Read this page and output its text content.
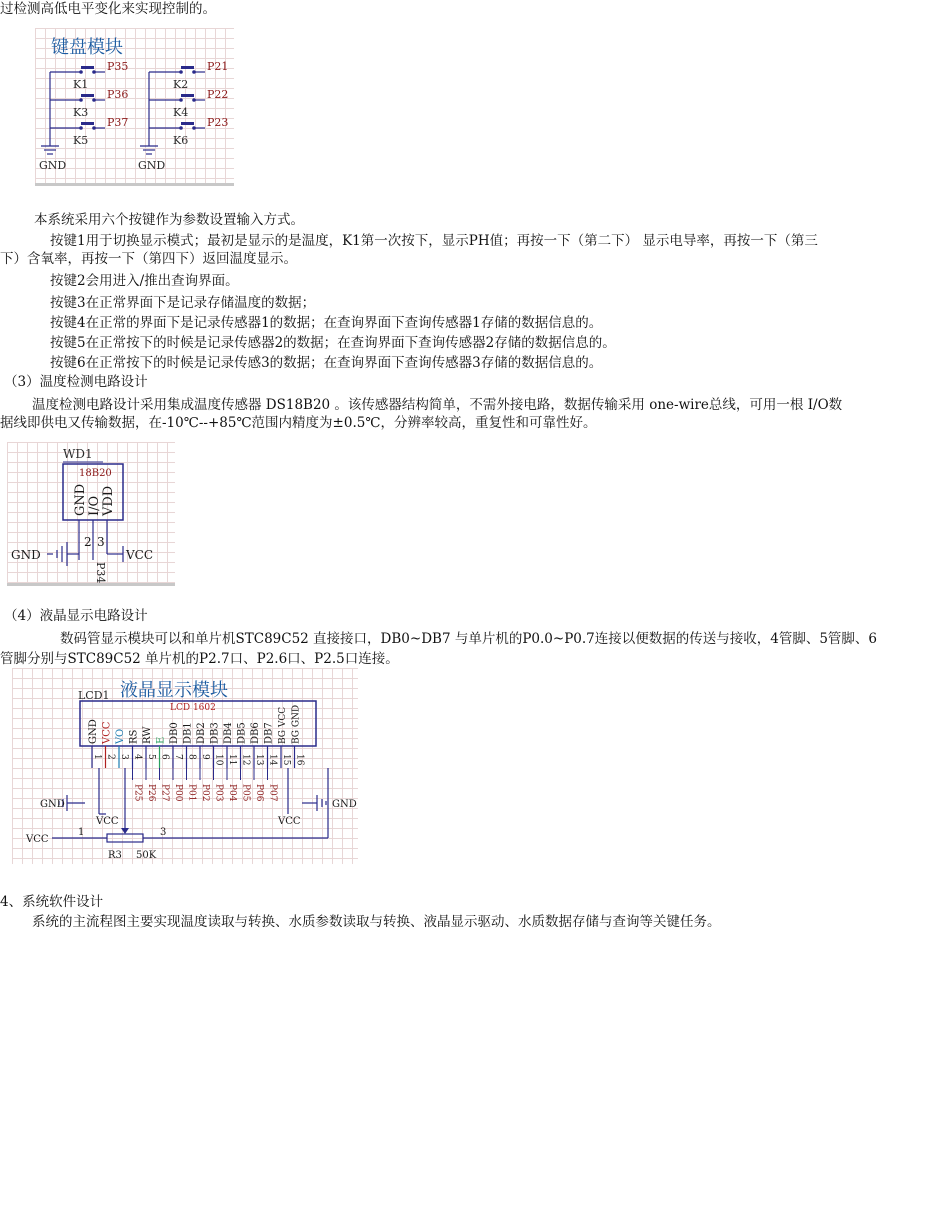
过检测高低电平变化来实现控制的。
键盘模块
P35	P21
P36	P22
P37	P23
K1	K2
K3	K4
K5	K6
GND	GND
本系统采用六个按键作为参数设置输入方式。
按键1用于切换显示模式；最初是显示的是温度，K1第一次按下，显示PH值；再按一下（第二下） 显示电导率，再按一下（第三
下）含氧率，再按一下（第四下）返回温度显示。
按键2会用进入/推出查询界面。
按键3在正常界面下是记录存储温度的数据；
按键4在正常的界面下是记录传感器1的数据；在查询界面下查询传感器1存储的数据信息的。
按键5在正常按下的时候是记录传感器2的数据；在查询界面下查询传感器2存储的数据信息的。
按键6在正常按下的时候是记录传感3的数据；在查询界面下查询传感器3存储的数据信息的。
（3）温度检测电路设计
温度检测电路设计采用集成温度传感器 DS18B20 。该传感器结构简单，不需外接电路，数据传输采用 one-wire总线，可用一根 I/O数
据线即供电又传输数据，在-10℃--+85℃范围内精度为±0.5℃，分辨率较高，重复性和可靠性好。
WD1
18B20
GND I/O VDD
2 3
GND	VCC
P34
（4）液晶显示电路设计
数码管显示模块可以和单片机STC89C52 直接接口，DB0~DB7 与单片机的P0.0~P0.7连接以便数据的传送与接收，4管脚、5管脚、6
管脚分别与STC89C52 单片机的P2.7口、P2.6口、P2.5口连接。
液晶显示模块
LCD1
LCD 1602
GND
1
VCC
2
VO
3
RS
4
RW
5
E
6
DB0
7
DB1
8
DB2
9
DB3
10
DB4
11
DB5
12
DB6
13
DB7
14
BG VCC
15
BG GND
16
P25 P26 P27 P00 P01 P02 P03 P04 P05 P06 P07
GND	GND
VCC	VCC
VCC
1	3
R3 50K
4、系统软件设计
系统的主流程图主要实现温度读取与转换、水质参数读取与转换、液晶显示驱动、水质数据存储与查询等关键任务。
